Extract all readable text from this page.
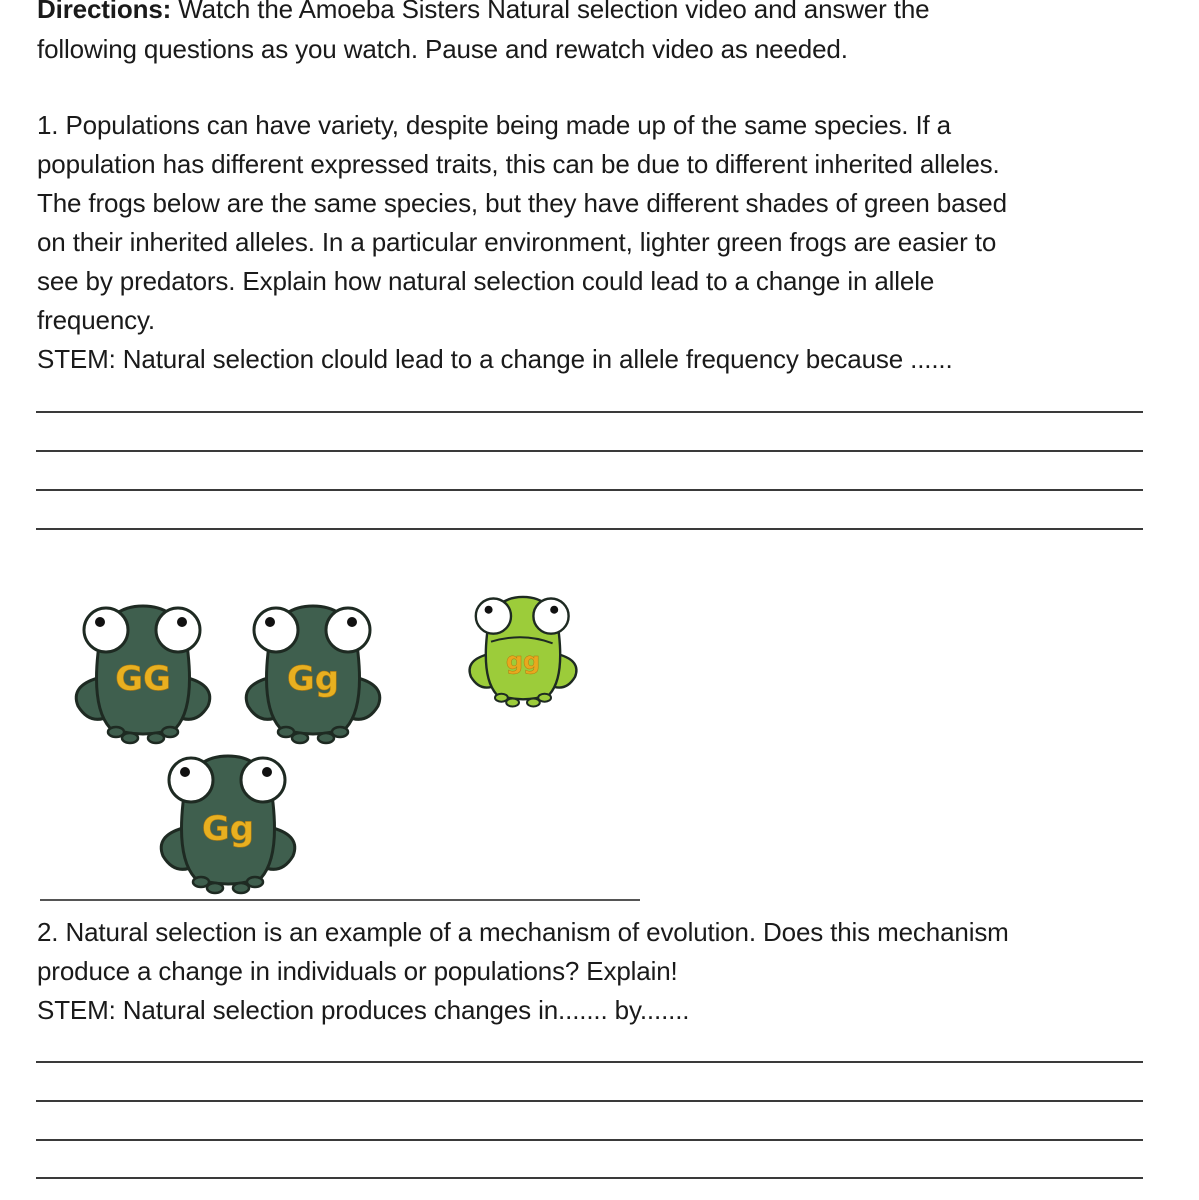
Directions: Watch the Amoeba Sisters Natural selection video and answer the
following questions as you watch. Pause and rewatch video as needed.
1. Populations can have variety, despite being made up of the same species. If a
population has different expressed traits, this can be due to different inherited alleles.
The frogs below are the same species, but they have different shades of green based
on their inherited alleles. In a particular environment, lighter green frogs are easier to
see by predators. Explain how natural selection could lead to a change in allele
frequency.
STEM: Natural selection clould lead to a change in allele frequency because ......
GG	Gg	gg
Gg
2. Natural selection is an example of a mechanism of evolution. Does this mechanism
produce a change in individuals or populations? Explain!
STEM: Natural selection produces changes in....... by.......
